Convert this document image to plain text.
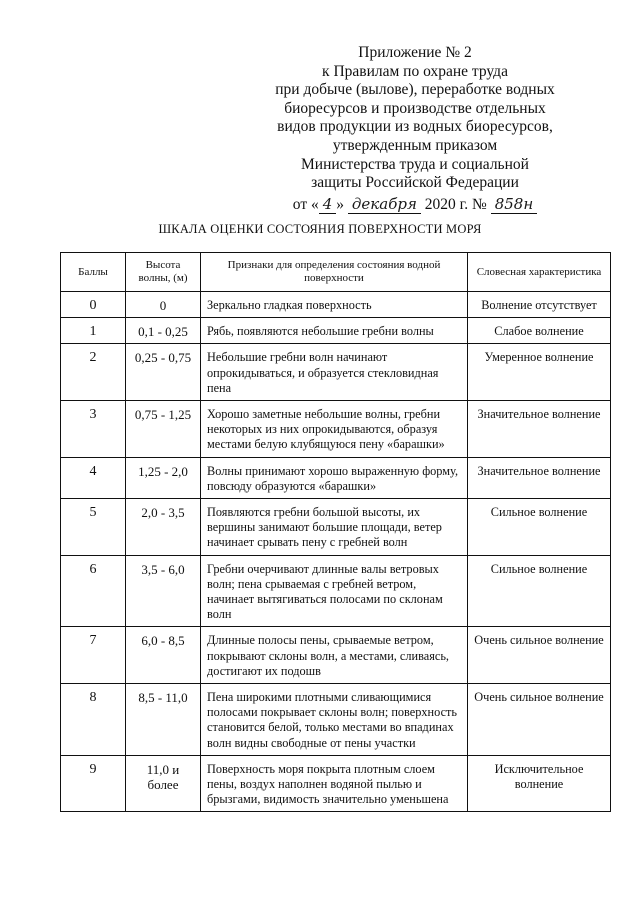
Приложение № 2
к Правилам по охране труда
при добыче (вылове), переработке водных
биоресурсов и производстве отдельных
видов продукции из водных биоресурсов,
утвержденным приказом
Министерства труда и социальной
защиты Российской Федерации
от « 4 » декабря 2020 г. № 858н
ШКАЛА ОЦЕНКИ СОСТОЯНИЯ ПОВЕРХНОСТИ МОРЯ
Баллы	Высота волны, (м)	Признаки для определения состояния водной поверхности	Словесная характеристика
0	0	Зеркально гладкая поверхность	Волнение отсутствует
1	0,1 - 0,25	Рябь, появляются небольшие гребни волны	Слабое волнение
2	0,25 - 0,75	Небольшие гребни волн начинают опрокидываться, и образуется стекловидная пена	Умеренное волнение
3	0,75 - 1,25	Хорошо заметные небольшие волны, гребни некоторых из них опрокидываются, образуя местами белую клубящуюся пену «барашки»	Значительное волнение
4	1,25 - 2,0	Волны принимают хорошо выраженную форму, повсюду образуются «барашки»	Значительное волнение
5	2,0 - 3,5	Появляются гребни большой высоты, их вершины занимают большие площади, ветер начинает срывать пену с гребней волн	Сильное волнение
6	3,5 - 6,0	Гребни очерчивают длинные валы ветровых волн; пена срываемая с гребней ветром, начинает вытягиваться полосами по склонам волн	Сильное волнение
7	6,0 - 8,5	Длинные полосы пены, срываемые ветром, покрывают склоны волн, а местами, сливаясь, достигают их подошв	Очень сильное волнение
8	8,5 - 11,0	Пена широкими плотными сливающимися полосами покрывает склоны волн; поверхность становится белой, только местами во впадинах волн видны свободные от пены участки	Очень сильное волнение
9	11,0 и более	Поверхность моря покрыта плотным слоем пены, воздух наполнен водяной пылью и брызгами, видимость значительно уменьшена	Исключительное волнение
